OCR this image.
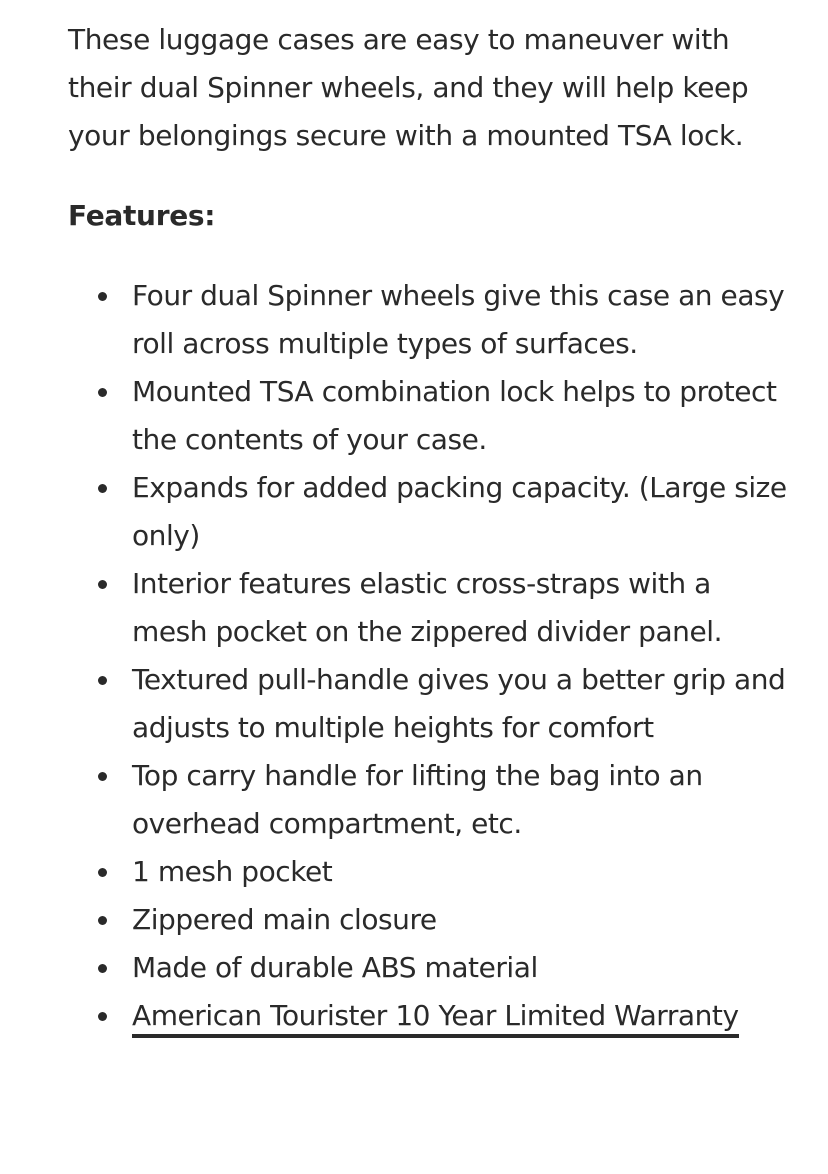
These luggage cases are easy to maneuver with their dual Spinner wheels, and they will help keep your belongings secure with a mounted TSA lock.

Features:
Four dual Spinner wheels give this case an easy roll across multiple types of surfaces.
Mounted TSA combination lock helps to protect the contents of your case.
Expands for added packing capacity. (Large size only)
Interior features elastic cross-straps with a mesh pocket on the zippered divider panel.
Textured pull-handle gives you a better grip and adjusts to multiple heights for comfort
Top carry handle for lifting the bag into an overhead compartment, etc.
1 mesh pocket
Zippered main closure
Made of durable ABS material
American Tourister 10 Year Limited Warranty
